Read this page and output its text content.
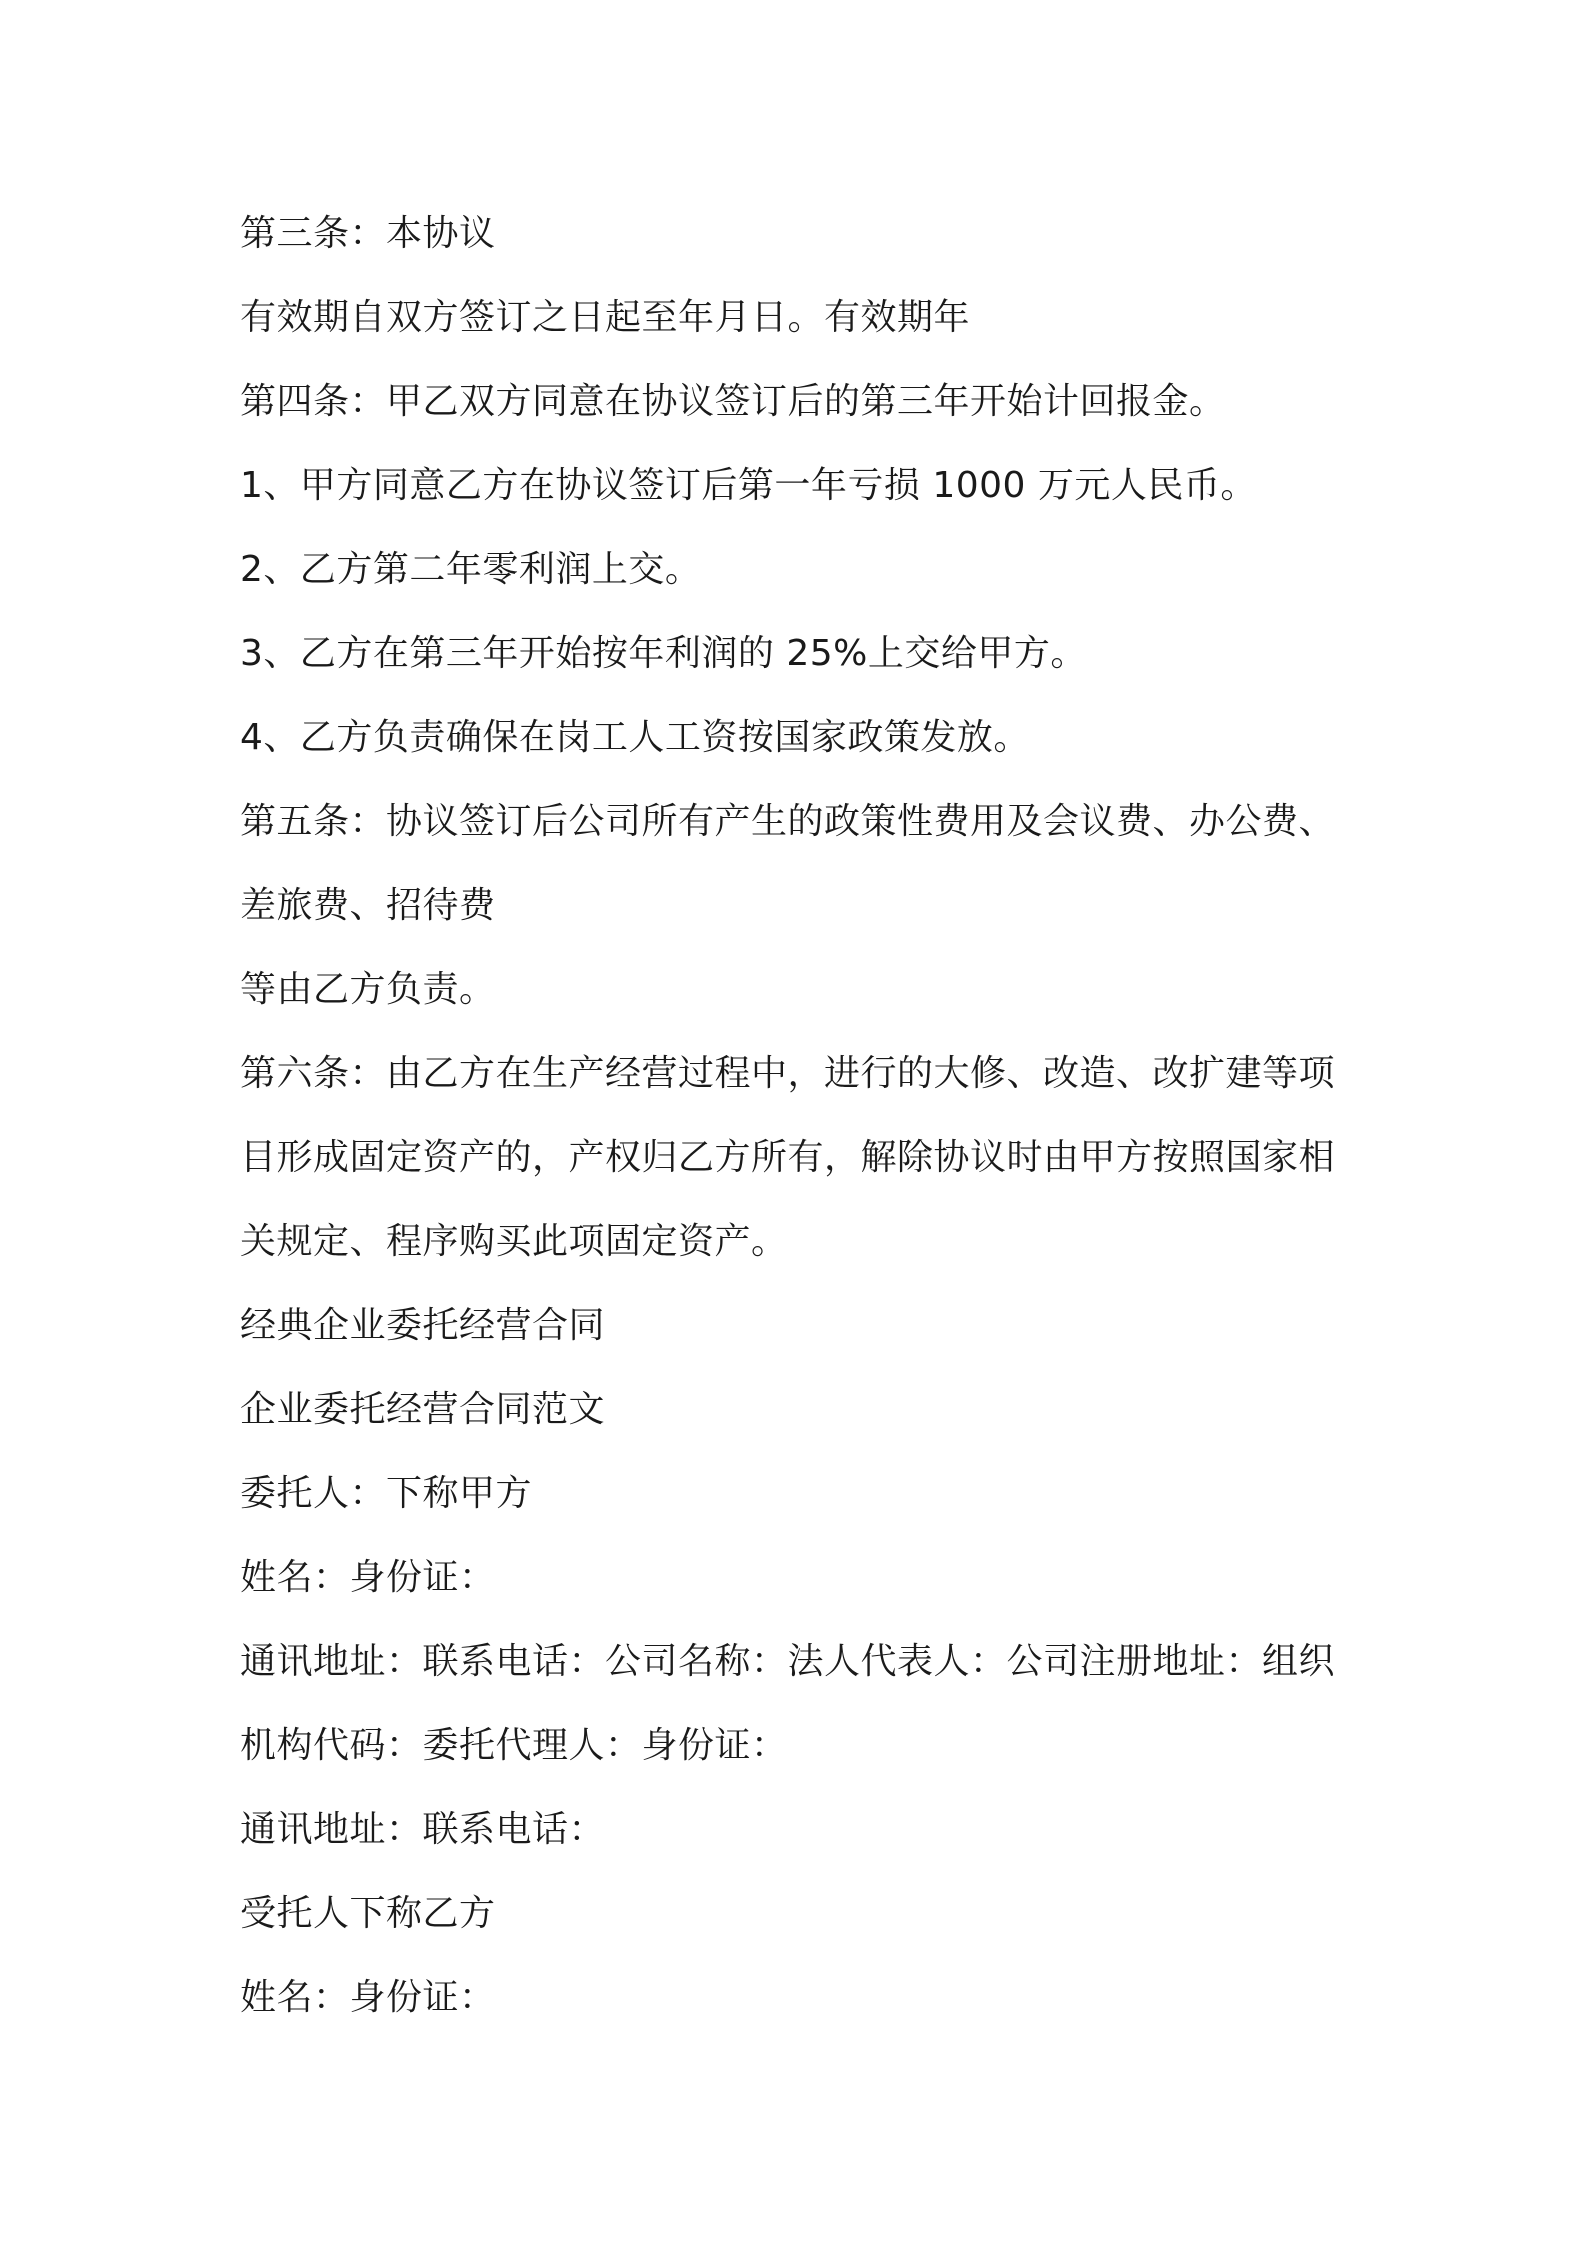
第三条：本协议

有效期自双方签订之日起至年月日。有效期年

第四条：甲乙双方同意在协议签订后的第三年开始计回报金。

1、甲方同意乙方在协议签订后第一年亏损 1000 万元人民币。

2、乙方第二年零利润上交。

3、乙方在第三年开始按年利润的 25%上交给甲方。

4、乙方负责确保在岗工人工资按国家政策发放。

第五条：协议签订后公司所有产生的政策性费用及会议费、办公费、

差旅费、招待费

等由乙方负责。

第六条：由乙方在生产经营过程中，进行的大修、改造、改扩建等项

目形成固定资产的，产权归乙方所有，解除协议时由甲方按照国家相

关规定、程序购买此项固定资产。

经典企业委托经营合同

企业委托经营合同范文

委托人：下称甲方

姓名：身份证：

通讯地址：联系电话：公司名称：法人代表人：公司注册地址：组织

机构代码：委托代理人：身份证：

通讯地址：联系电话：

受托人下称乙方

姓名：身份证：
